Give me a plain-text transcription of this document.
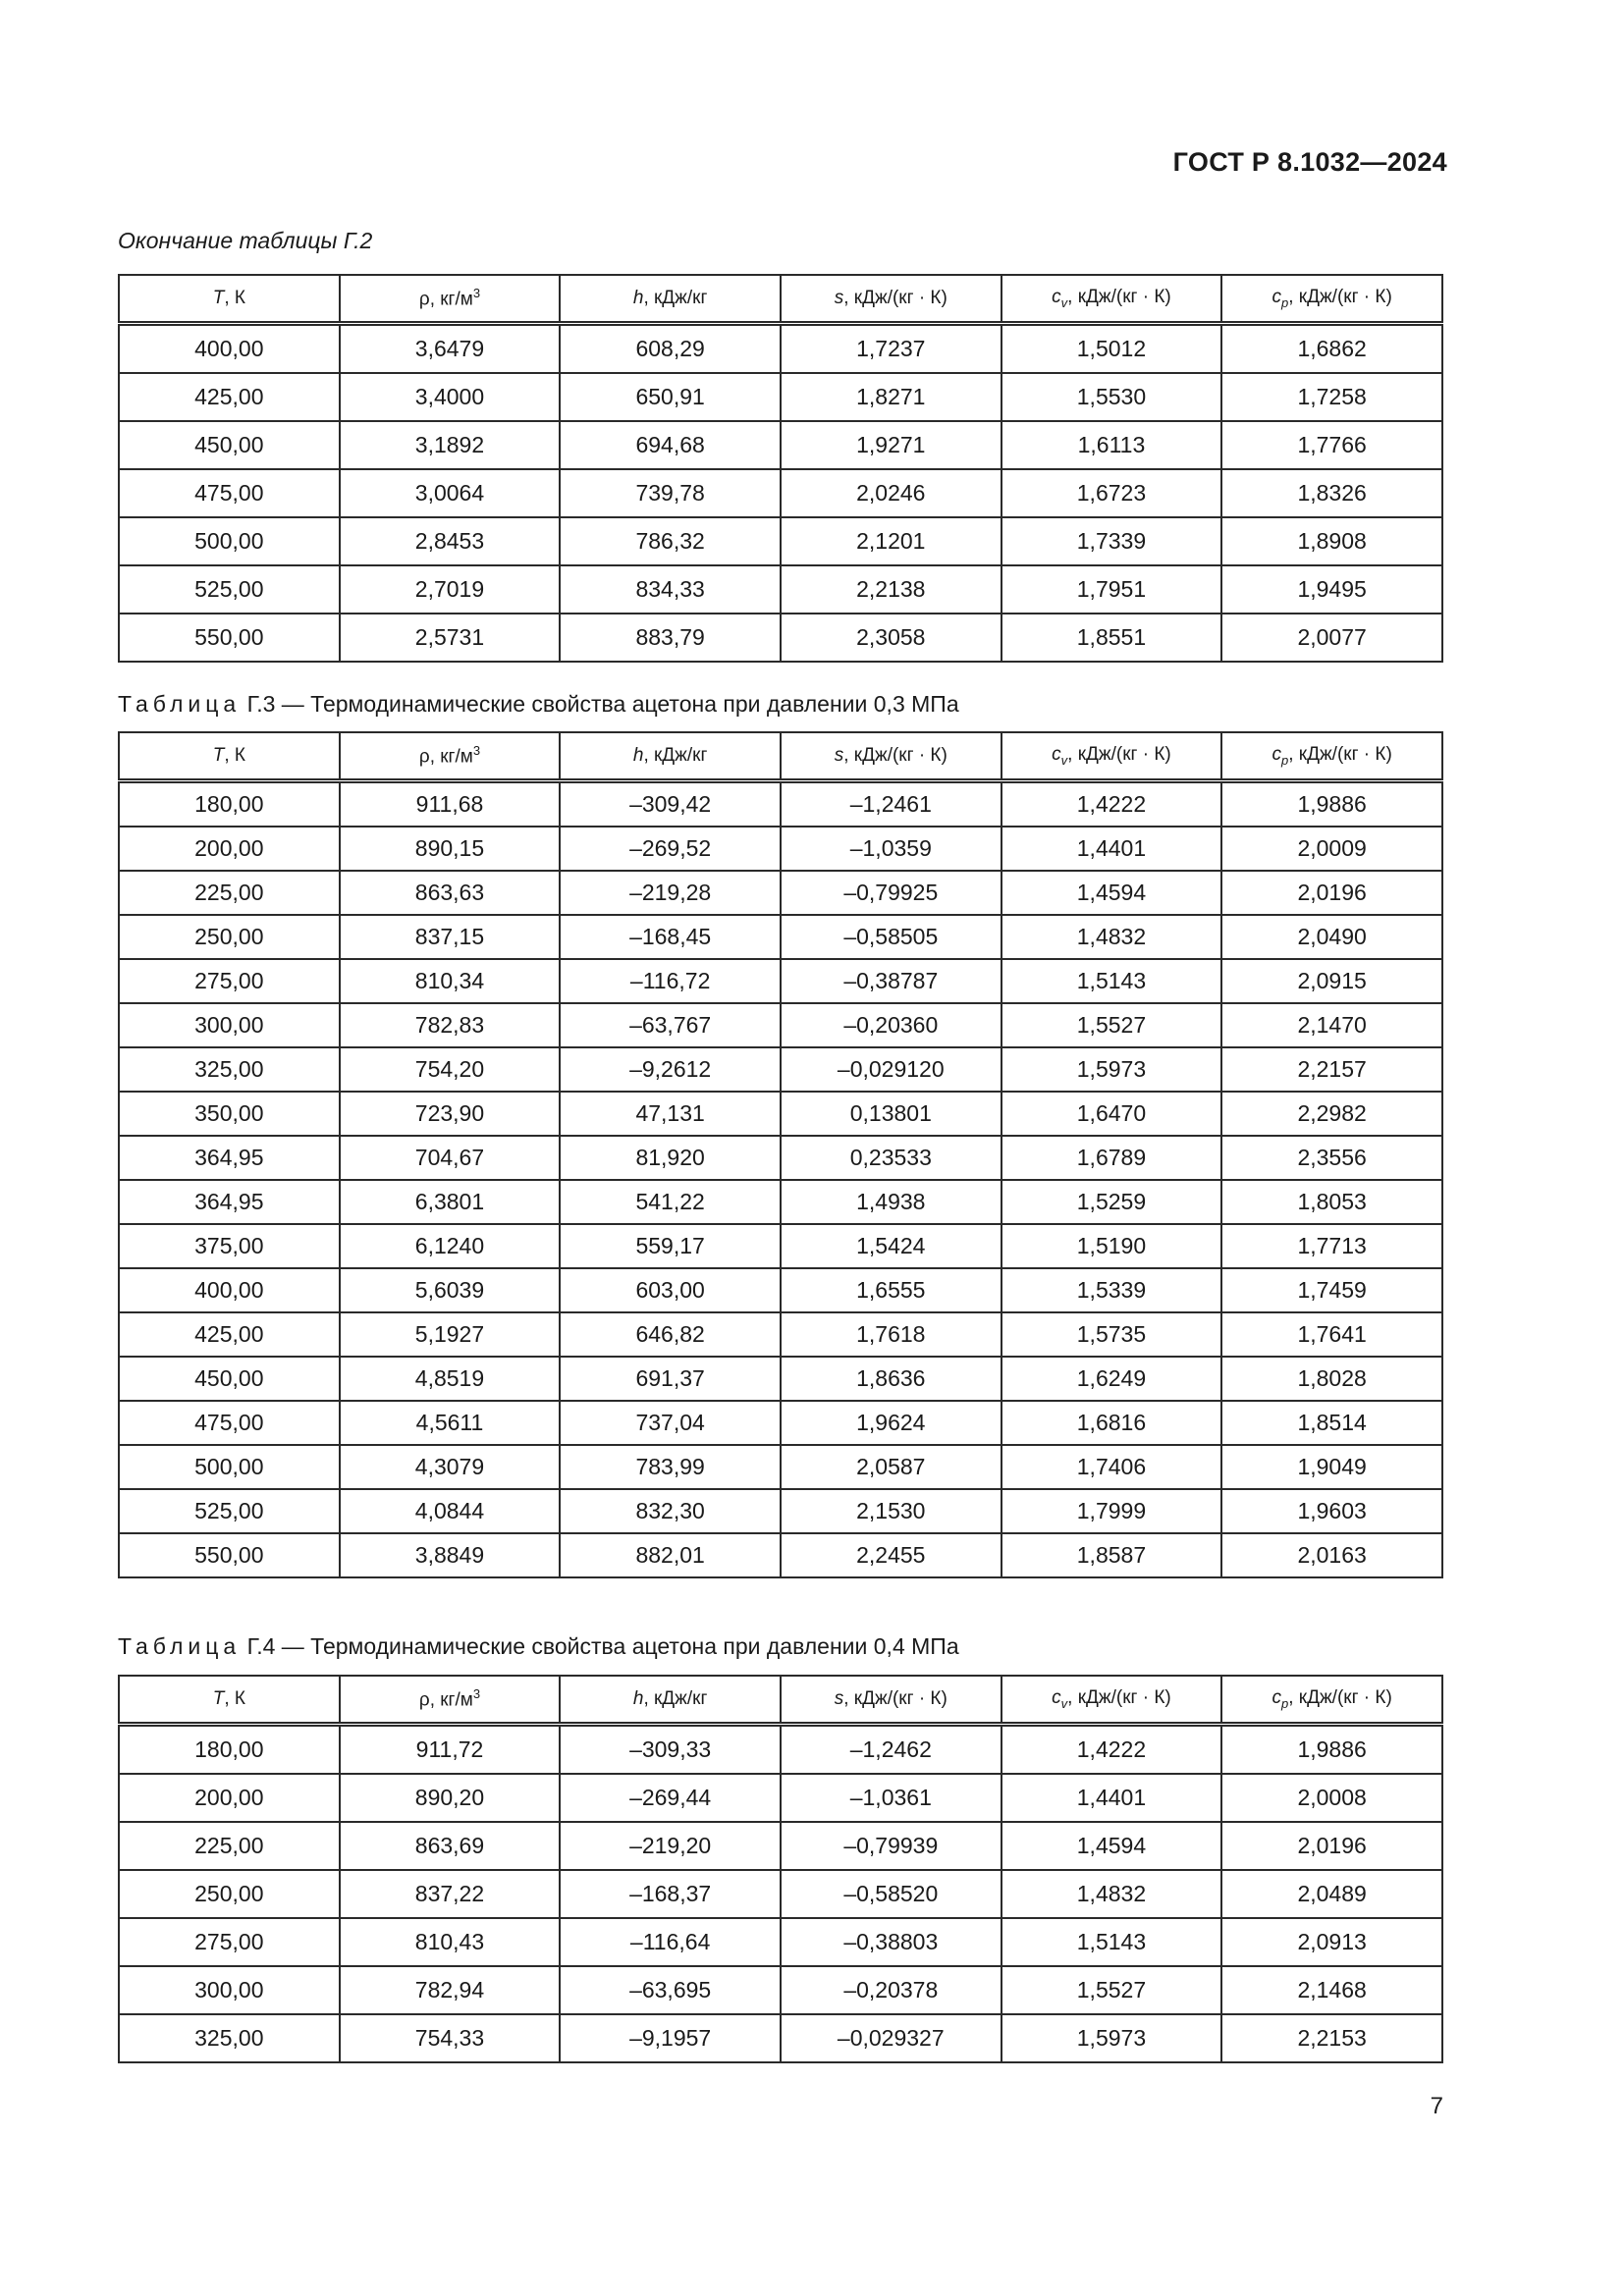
ГОСТ Р 8.1032—2024
Окончание таблицы Г.2
T, К	ρ, $кг/м^3$	h, кДж/кг	s, кДж/(кг · К)	$c_v$, кДж/(кг · К)	$c_p$, кДж/(кг · К)
400,00	3,6479	608,29	1,7237	1,5012	1,6862
425,00	3,4000	650,91	1,8271	1,5530	1,7258
450,00	3,1892	694,68	1,9271	1,6113	1,7766
475,00	3,0064	739,78	2,0246	1,6723	1,8326
500,00	2,8453	786,32	2,1201	1,7339	1,8908
525,00	2,7019	834,33	2,2138	1,7951	1,9495
550,00	2,5731	883,79	2,3058	1,8551	2,0077
Таблица Г.3 — Термодинамические свойства ацетона при давлении 0,3 МПа
T, К	ρ, $кг/м^3$	h, кДж/кг	s, кДж/(кг · К)	$c_v$, кДж/(кг · К)	$c_p$, кДж/(кг · К)
180,00	911,68	–309,42	–1,2461	1,4222	1,9886
200,00	890,15	–269,52	–1,0359	1,4401	2,0009
225,00	863,63	–219,28	–0,79925	1,4594	2,0196
250,00	837,15	–168,45	–0,58505	1,4832	2,0490
275,00	810,34	–116,72	–0,38787	1,5143	2,0915
300,00	782,83	–63,767	–0,20360	1,5527	2,1470
325,00	754,20	–9,2612	–0,029120	1,5973	2,2157
350,00	723,90	47,131	0,13801	1,6470	2,2982
364,95	704,67	81,920	0,23533	1,6789	2,3556
364,95	6,3801	541,22	1,4938	1,5259	1,8053
375,00	6,1240	559,17	1,5424	1,5190	1,7713
400,00	5,6039	603,00	1,6555	1,5339	1,7459
425,00	5,1927	646,82	1,7618	1,5735	1,7641
450,00	4,8519	691,37	1,8636	1,6249	1,8028
475,00	4,5611	737,04	1,9624	1,6816	1,8514
500,00	4,3079	783,99	2,0587	1,7406	1,9049
525,00	4,0844	832,30	2,1530	1,7999	1,9603
550,00	3,8849	882,01	2,2455	1,8587	2,0163
Таблица Г.4 — Термодинамические свойства ацетона при давлении 0,4 МПа
T, К	ρ, $кг/м^3$	h, кДж/кг	s, кДж/(кг · К)	$c_v$, кДж/(кг · К)	$c_p$, кДж/(кг · К)
180,00	911,72	–309,33	–1,2462	1,4222	1,9886
200,00	890,20	–269,44	–1,0361	1,4401	2,0008
225,00	863,69	–219,20	–0,79939	1,4594	2,0196
250,00	837,22	–168,37	–0,58520	1,4832	2,0489
275,00	810,43	–116,64	–0,38803	1,5143	2,0913
300,00	782,94	–63,695	–0,20378	1,5527	2,1468
325,00	754,33	–9,1957	–0,029327	1,5973	2,2153
7
